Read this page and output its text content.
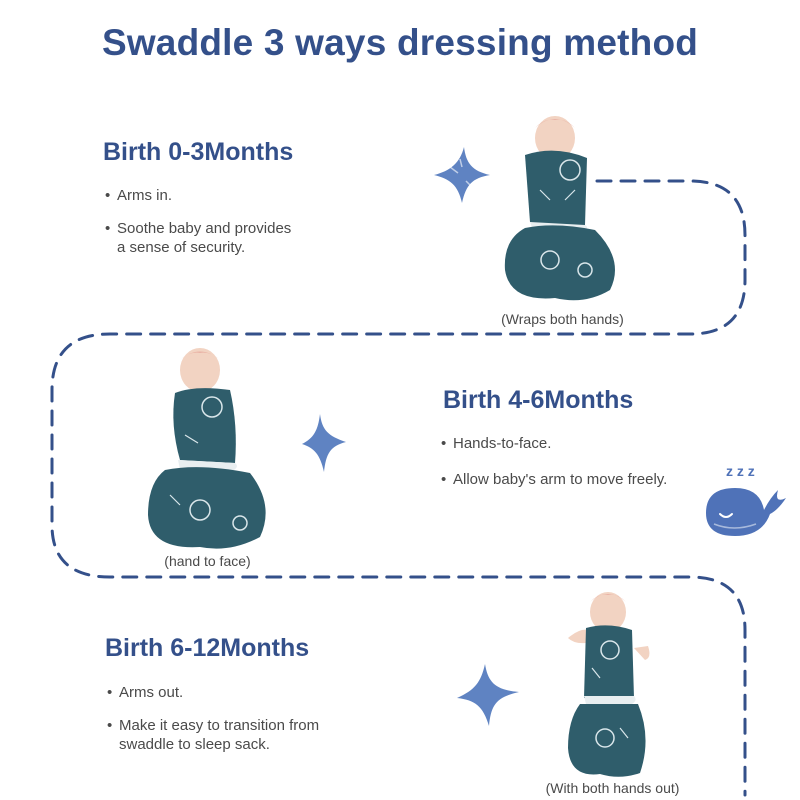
Swaddle 3 ways dressing method
Birth 0-3Months
• Arms in.
• Soothe baby and provides
a sense of security.
(Wraps both hands)
(hand to face)
Birth 4-6Months
• Hands-to-face.
• Allow baby's arm to move freely.	z z z
Birth 6-12Months
• Arms out.
• Make it easy to transition from
swaddle to sleep sack.
(With both hands out)
